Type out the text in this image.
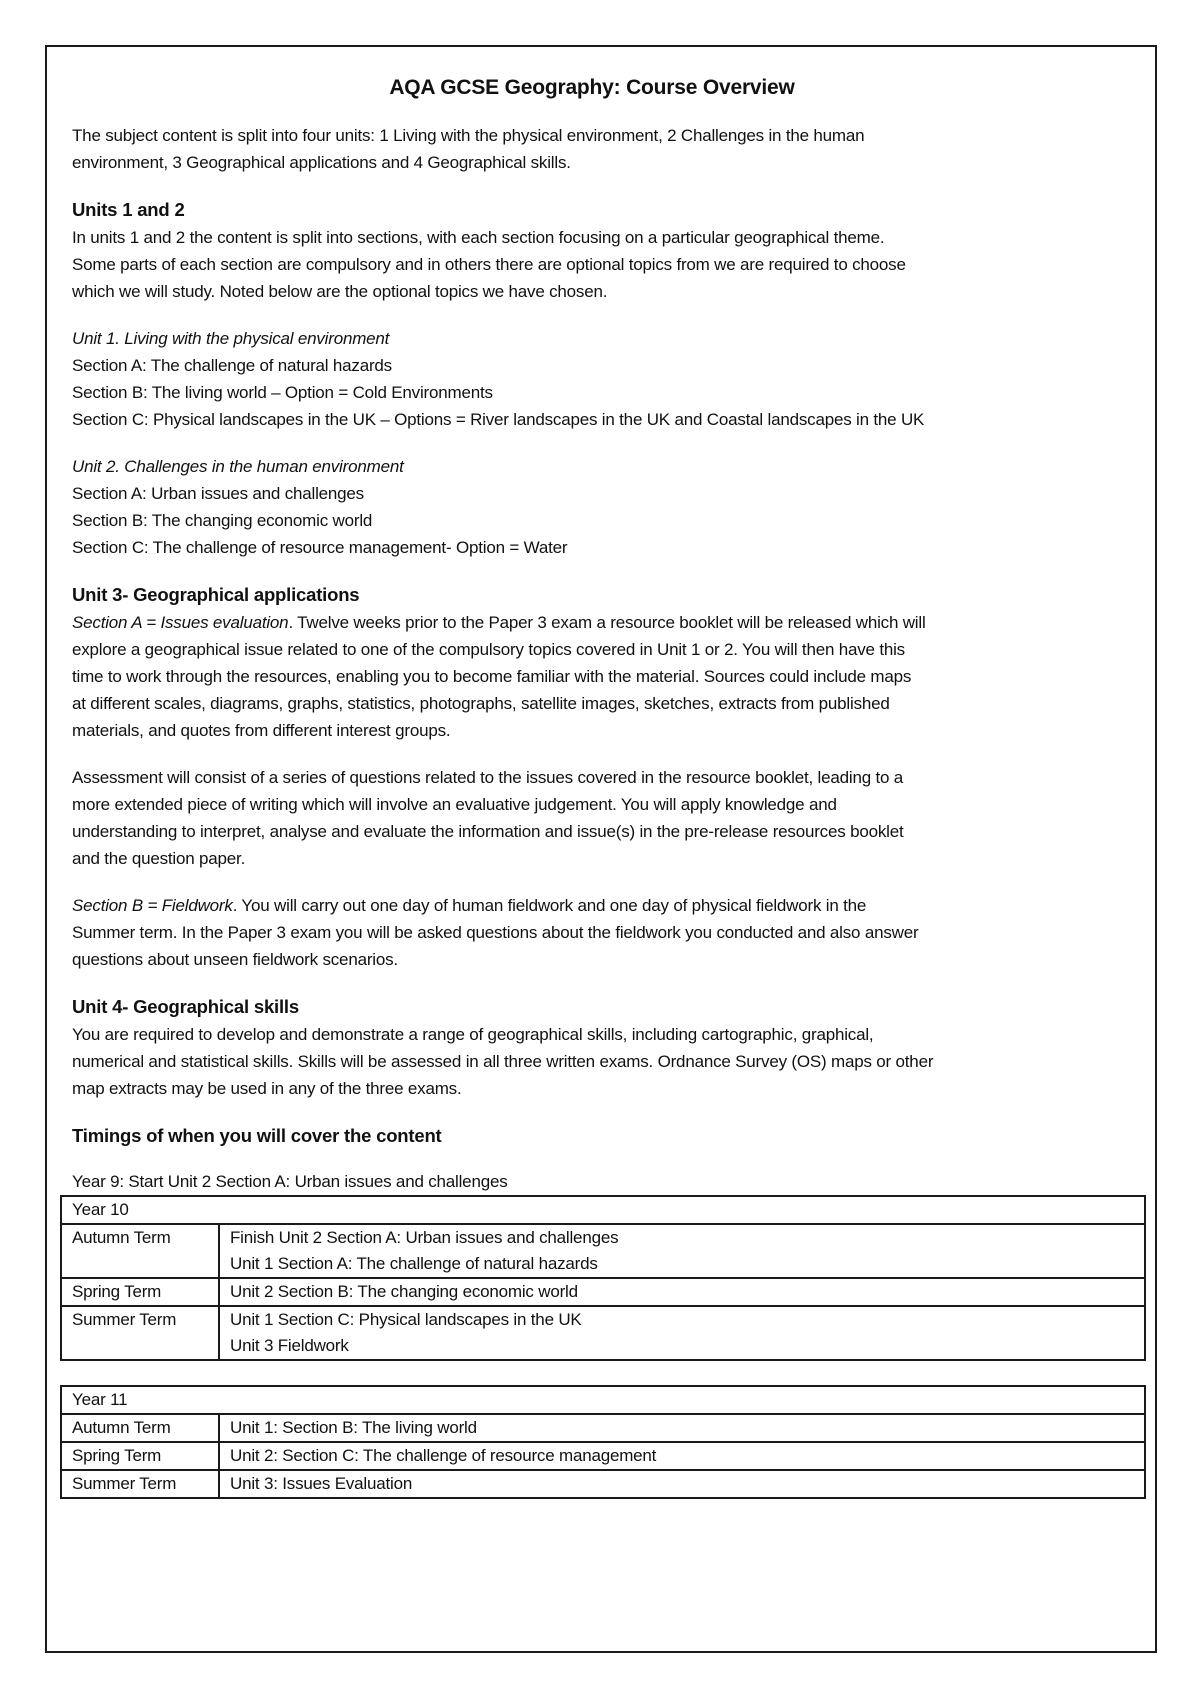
AQA GCSE Geography: Course Overview

The subject content is split into four units: 1 Living with the physical environment, 2 Challenges in the human
environment, 3 Geographical applications and 4 Geographical skills.

Units 1 and 2

In units 1 and 2 the content is split into sections, with each section focusing on a particular geographical theme.
Some parts of each section are compulsory and in others there are optional topics from we are required to choose
which we will study. Noted below are the optional topics we have chosen.

Unit 1. Living with the physical environment
Section A: The challenge of natural hazards
Section B: The living world – Option = Cold Environments
Section C: Physical landscapes in the UK – Options = River landscapes in the UK and Coastal landscapes in the UK

Unit 2. Challenges in the human environment
Section A: Urban issues and challenges
Section B: The changing economic world
Section C: The challenge of resource management- Option = Water

Unit 3- Geographical applications

Section A = Issues evaluation. Twelve weeks prior to the Paper 3 exam a resource booklet will be released which will
explore a geographical issue related to one of the compulsory topics covered in Unit 1 or 2. You will then have this
time to work through the resources, enabling you to become familiar with the material. Sources could include maps
at different scales, diagrams, graphs, statistics, photographs, satellite images, sketches, extracts from published
materials, and quotes from different interest groups.

Assessment will consist of a series of questions related to the issues covered in the resource booklet, leading to a
more extended piece of writing which will involve an evaluative judgement. You will apply knowledge and
understanding to interpret, analyse and evaluate the information and issue(s) in the pre-release resources booklet
and the question paper.

Section B = Fieldwork. You will carry out one day of human fieldwork and one day of physical fieldwork in the
Summer term. In the Paper 3 exam you will be asked questions about the fieldwork you conducted and also answer
questions about unseen fieldwork scenarios.

Unit 4- Geographical skills

You are required to develop and demonstrate a range of geographical skills, including cartographic, graphical,
numerical and statistical skills. Skills will be assessed in all three written exams. Ordnance Survey (OS) maps or other
map extracts may be used in any of the three exams.

Timings of when you will cover the content

Year 9: Start Unit 2 Section A: Urban issues and challenges

Year 10	
Autumn Term	Finish Unit 2 Section A: Urban issues and challenges
Unit 1 Section A: The challenge of natural hazards

Spring Term	Unit 2 Section B: The changing economic world

Summer Term	Unit 1 Section C: Physical landscapes in the UK
Unit 3 Fieldwork
Year 11	
Autumn Term	Unit 1: Section B: The living world
Spring Term	Unit 2: Section C: The challenge of resource management
Summer Term	Unit 3: Issues Evaluation
